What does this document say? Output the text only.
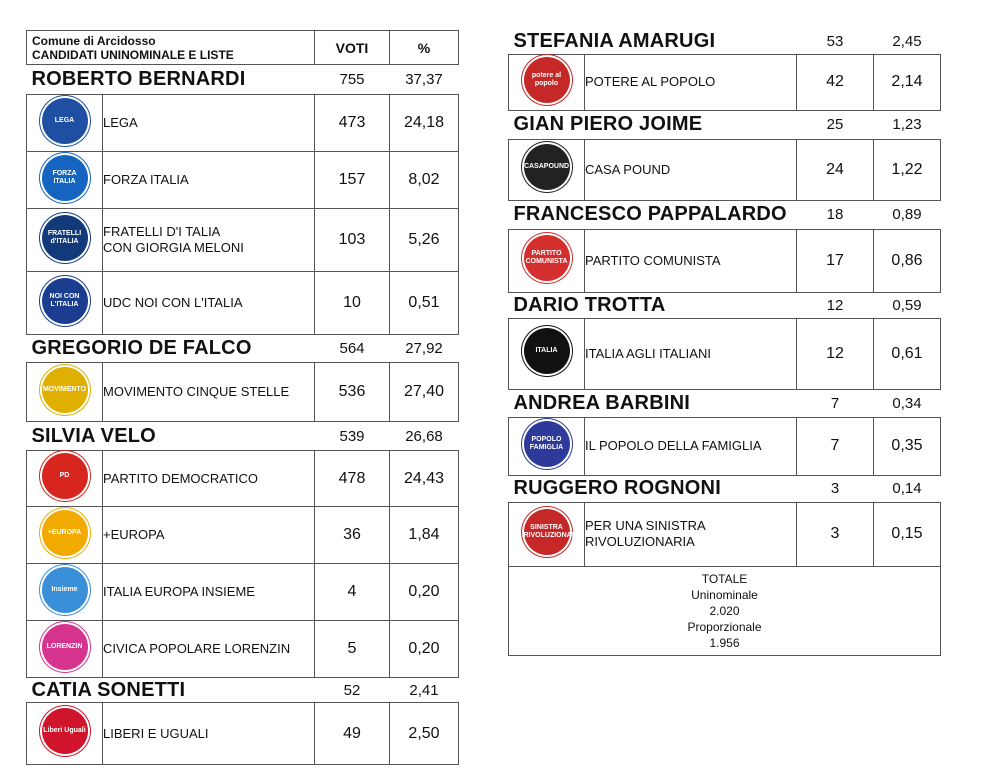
Comune di Arcidosso
CANDIDATI UNINOMINALE E LISTE		VOTI	%
ROBERTO BERNARDI		755	37,37

LEGA	LEGA	473	24,18

FORZA ITALIA	FORZA ITALIA	157	8,02

FRATELLI d'ITALIA	FRATELLI D'I TALIA
CON GIORGIA MELONI	103	5,26

NOI CON L'ITALIA	UDC NOI CON L'ITALIA	10	0,51
GREGORIO DE FALCO		564	27,92

MOVIMENTO	MOVIMENTO CINQUE STELLE	536	27,40
SILVIA VELO		539	26,68

PD	PARTITO DEMOCRATICO	478	24,43

+EUROPA	+EUROPA	36	1,84

Insieme	ITALIA EUROPA INSIEME	4	0,20

LORENZIN	CIVICA POPOLARE LORENZIN	5	0,20
CATIA SONETTI		52	2,41

Liberi Uguali	LIBERI E UGUALI	49	2,50
STEFANIA AMARUGI		53	2,45

potere al popolo	POTERE AL POPOLO	42	2,14
GIAN PIERO JOIME		25	1,23

CASAPOUND	CASA POUND	24	1,22
FRANCESCO PAPPALARDO		18	0,89

PARTITO COMUNISTA	PARTITO COMUNISTA	17	0,86
DARIO TROTTA		12	0,59

ITALIA	ITALIA AGLI ITALIANI	12	0,61
ANDREA BARBINI		7	0,34

POPOLO FAMIGLIA	IL POPOLO DELLA FAMIGLIA	7	0,35
RUGGERO ROGNONI		3	0,14

SINISTRA RIVOLUZIONARIA	PER UNA SINISTRA
RIVOLUZIONARIA	3	0,15

TOTALE
Uninominale
2.020
Proporzionale
1.956			
